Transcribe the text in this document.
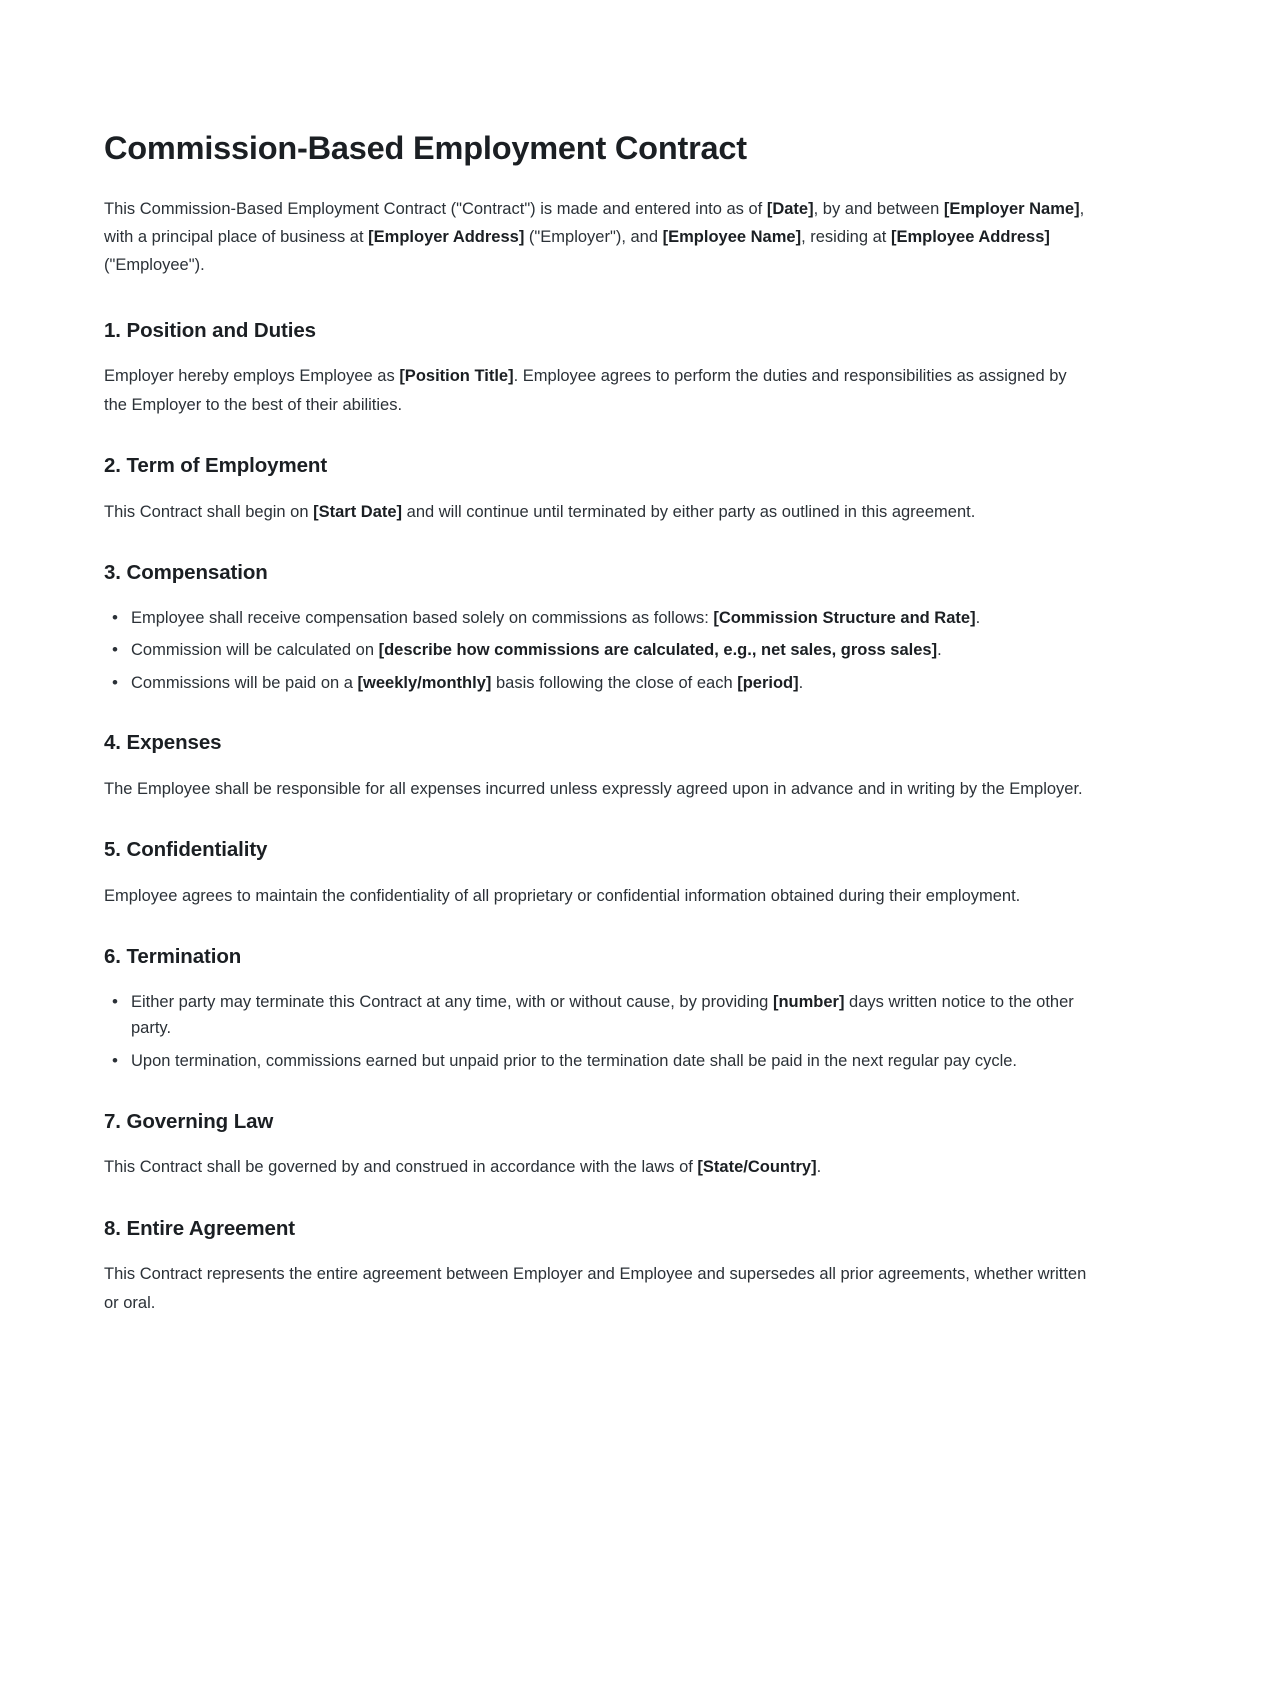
Commission-Based Employment Contract

This Commission-Based Employment Contract ("Contract") is made and entered into as of [Date], by and between [Employer Name], with a principal place of business at [Employer Address] ("Employer"), and [Employee Name], residing at [Employee Address] ("Employee").

1. Position and Duties

Employer hereby employs Employee as [Position Title]. Employee agrees to perform the duties and responsibilities as assigned by the Employer to the best of their abilities.

2. Term of Employment

This Contract shall begin on [Start Date] and will continue until terminated by either party as outlined in this agreement.

3. Compensation
• Employee shall receive compensation based solely on commissions as follows: [Commission Structure and Rate].
• Commission will be calculated on [describe how commissions are calculated, e.g., net sales, gross sales].
• Commissions will be paid on a [weekly/monthly] basis following the close of each [period].
4. Expenses

The Employee shall be responsible for all expenses incurred unless expressly agreed upon in advance and in writing by the Employer.

5. Confidentiality

Employee agrees to maintain the confidentiality of all proprietary or confidential information obtained during their employment.

6. Termination
• Either party may terminate this Contract at any time, with or without cause, by providing [number] days written notice to the other party.
• Upon termination, commissions earned but unpaid prior to the termination date shall be paid in the next regular pay cycle.
7. Governing Law

This Contract shall be governed by and construed in accordance with the laws of [State/Country].

8. Entire Agreement

This Contract represents the entire agreement between Employer and Employee and supersedes all prior agreements, whether written or oral.
